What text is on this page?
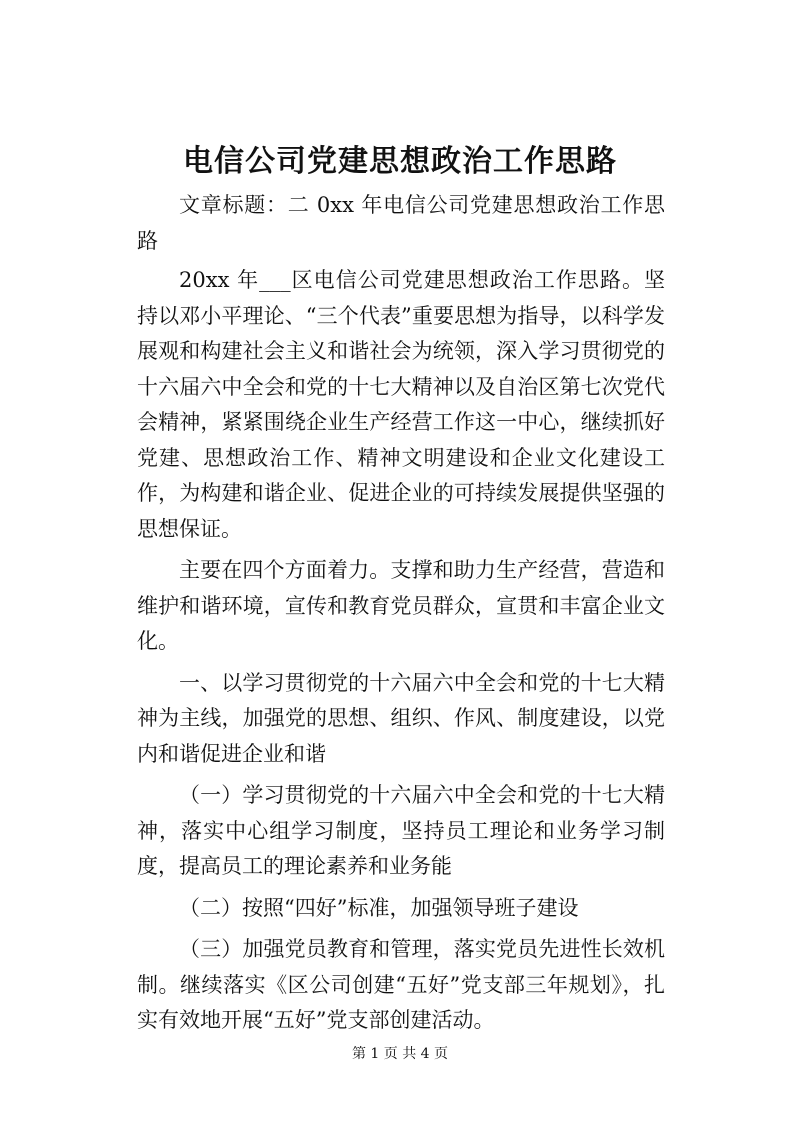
电信公司党建思想政治工作思路

文章标题：二 0xx 年电信公司党建思想政治工作思路

20xx 年___区电信公司党建思想政治工作思路。坚持以邓小平理论、“三个代表”重要思想为指导，以科学发展观和构建社会主义和谐社会为统领，深入学习贯彻党的十六届六中全会和党的十七大精神以及自治区第七次党代会精神，紧紧围绕企业生产经营工作这一中心，继续抓好党建、思想政治工作、精神文明建设和企业文化建设工作，为构建和谐企业、促进企业的可持续发展提供坚强的思想保证。

主要在四个方面着力。支撑和助力生产经营，营造和维护和谐环境，宣传和教育党员群众，宣贯和丰富企业文化。

一、以学习贯彻党的十六届六中全会和党的十七大精神为主线，加强党的思想、组织、作风、制度建设，以党内和谐促进企业和谐

（一）学习贯彻党的十六届六中全会和党的十七大精神，落实中心组学习制度，坚持员工理论和业务学习制度，提高员工的理论素养和业务能

（二）按照“四好”标准，加强领导班子建设

（三）加强党员教育和管理，落实党员先进性长效机制。继续落实《区公司创建“五好”党支部三年规划》，扎实有效地开展“五好”党支部创建活动。

第 1 页 共 4 页
